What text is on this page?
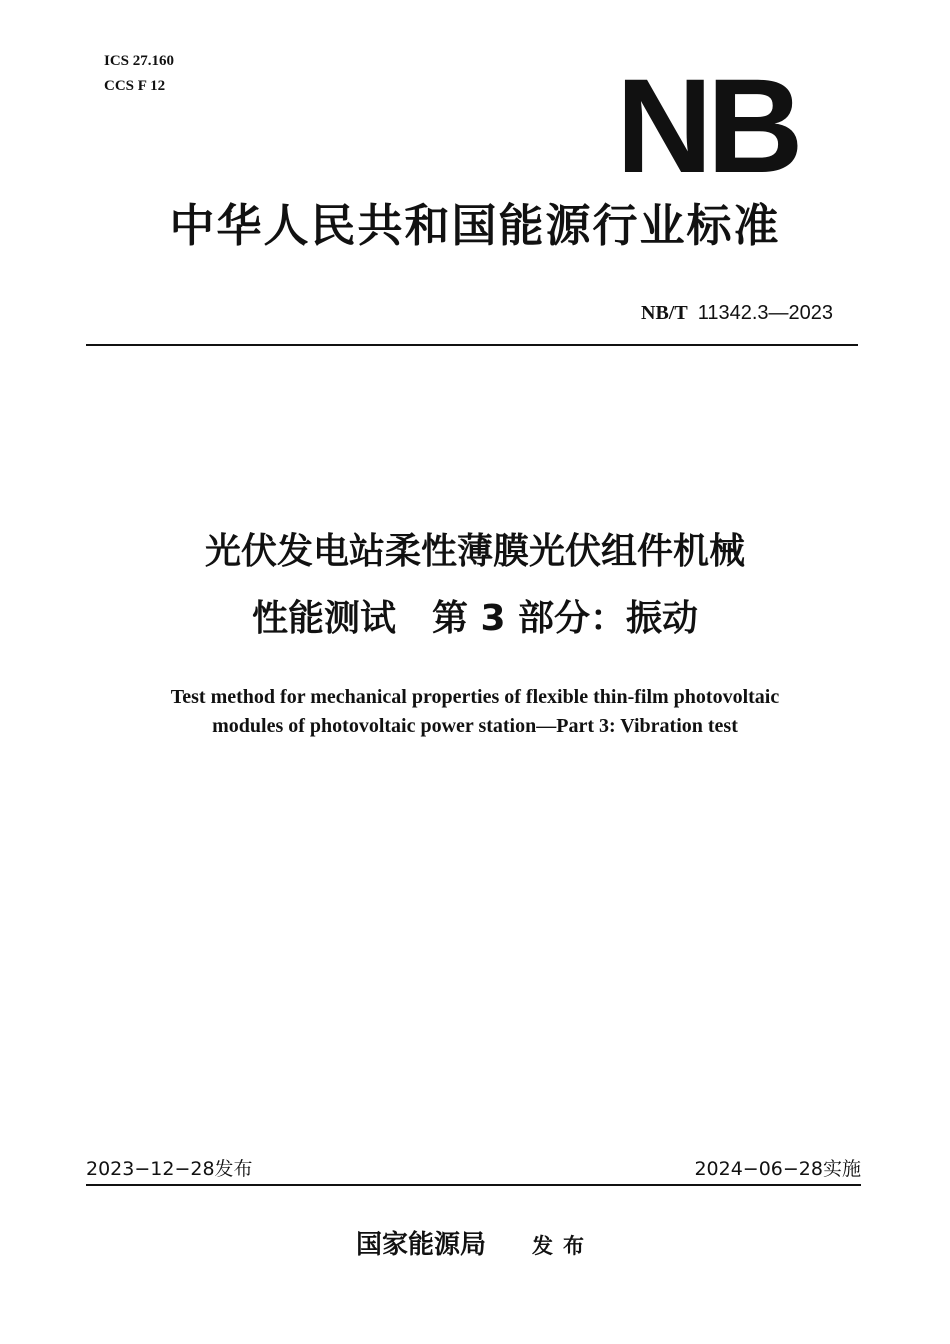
ICS 27.160
CCS F 12	NB
中华人民共和国能源行业标准
NB/T 11342.3—2023
光伏发电站柔性薄膜光伏组件机械
性能测试　第 3 部分：振动
Test method for mechanical properties of flexible thin-film photovoltaic
modules of photovoltaic power station—Part 3: Vibration test
2023−12−28发布	2024−06−28实施
国家能源局 发布
